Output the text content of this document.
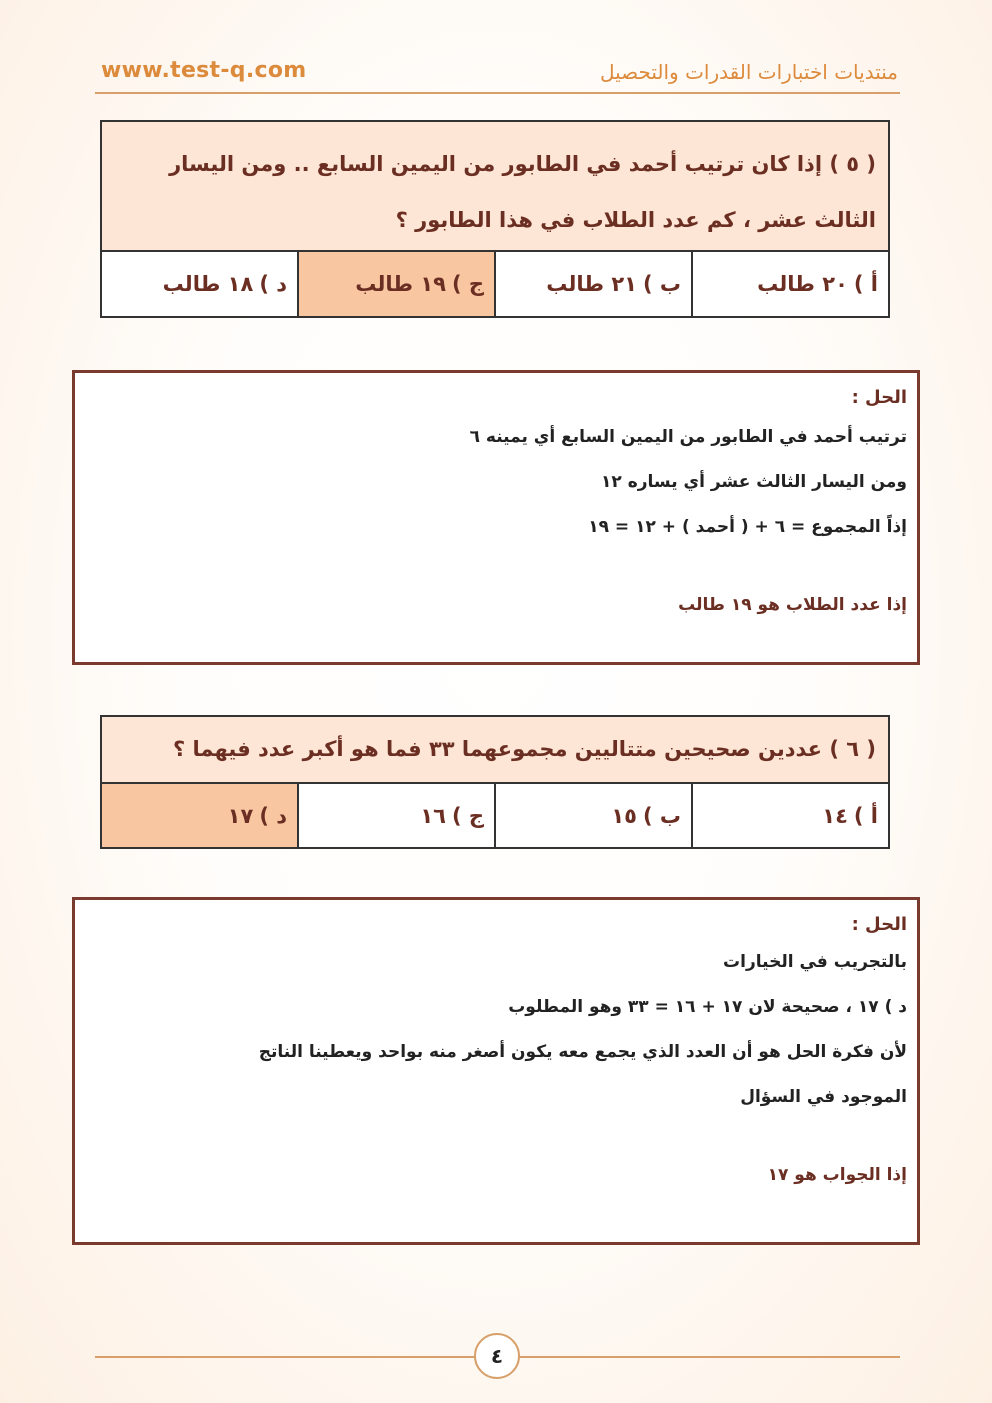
www.test-q.com	منتديات اختبارات القدرات والتحصيل
( ٥ ) إذا كان ترتيب أحمد في الطابور من اليمين السابع .. ومن اليسار
الثالث عشر ، كم عدد الطلاب في هذا الطابور ؟
أ )
٢٠ طالب
ب )
٢١ طالب
ج )
١٩ طالب
د )
١٨ طالب
الحل :
ترتيب أحمد في الطابور من اليمين السابع أي يمينه ٦
ومن اليسار الثالث عشر أي يساره ١٢
إذاً المجموع = ٦ + ( أحمد ) + ١٢ = ١٩
إذا عدد الطلاب هو ١٩ طالب
( ٦ ) عددين صحيحين متتاليين مجموعهما ٣٣ فما هو أكبر عدد فيهما ؟
أ )
١٤
ب )
١٥
ج )
١٦
د )
١٧
الحل :
بالتجريب في الخيارات
د ) ١٧ ، صحيحة لان ١٧ + ١٦ = ٣٣ وهو المطلوب
لأن فكرة الحل هو أن العدد الذي يجمع معه يكون أصغر منه بواحد ويعطينا الناتج
الموجود في السؤال
إذا الجواب هو ١٧
٤
